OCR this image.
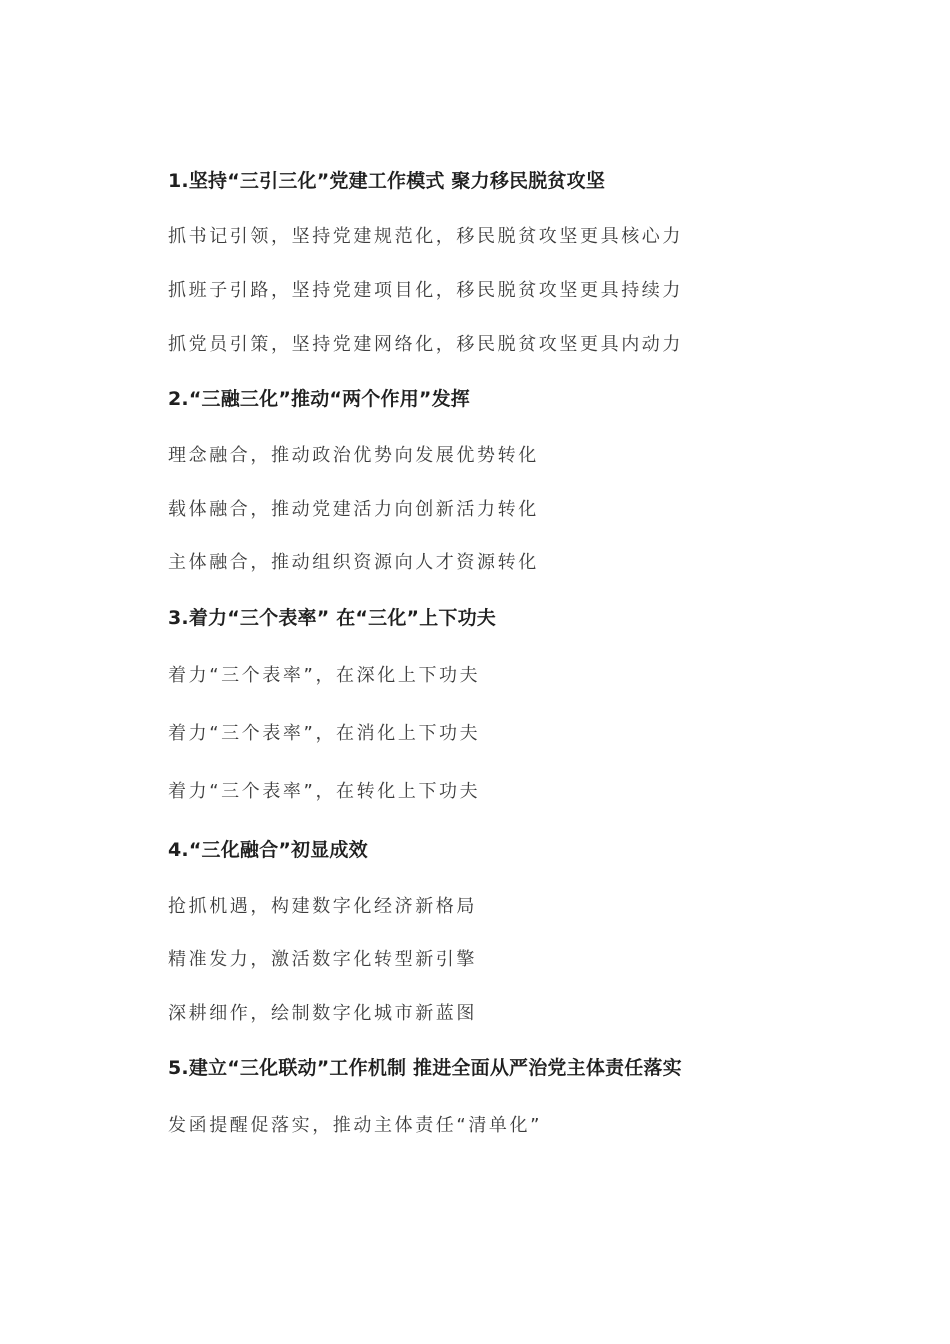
1.坚持“三引三化”党建工作模式 聚力移民脱贫攻坚
抓书记引领，坚持党建规范化，移民脱贫攻坚更具核心力
抓班子引路，坚持党建项目化，移民脱贫攻坚更具持续力
抓党员引策，坚持党建网络化，移民脱贫攻坚更具内动力
2.“三融三化”推动“两个作用”发挥
理念融合，推动政治优势向发展优势转化
载体融合，推动党建活力向创新活力转化
主体融合，推动组织资源向人才资源转化
3.着力“三个表率” 在“三化”上下功夫
着力“三个表率”，在深化上下功夫
着力“三个表率”，在消化上下功夫
着力“三个表率”，在转化上下功夫
4.“三化融合”初显成效
抢抓机遇，构建数字化经济新格局
精准发力，激活数字化转型新引擎
深耕细作，绘制数字化城市新蓝图
5.建立“三化联动”工作机制 推进全面从严治党主体责任落实
发函提醒促落实，推动主体责任“清单化”
